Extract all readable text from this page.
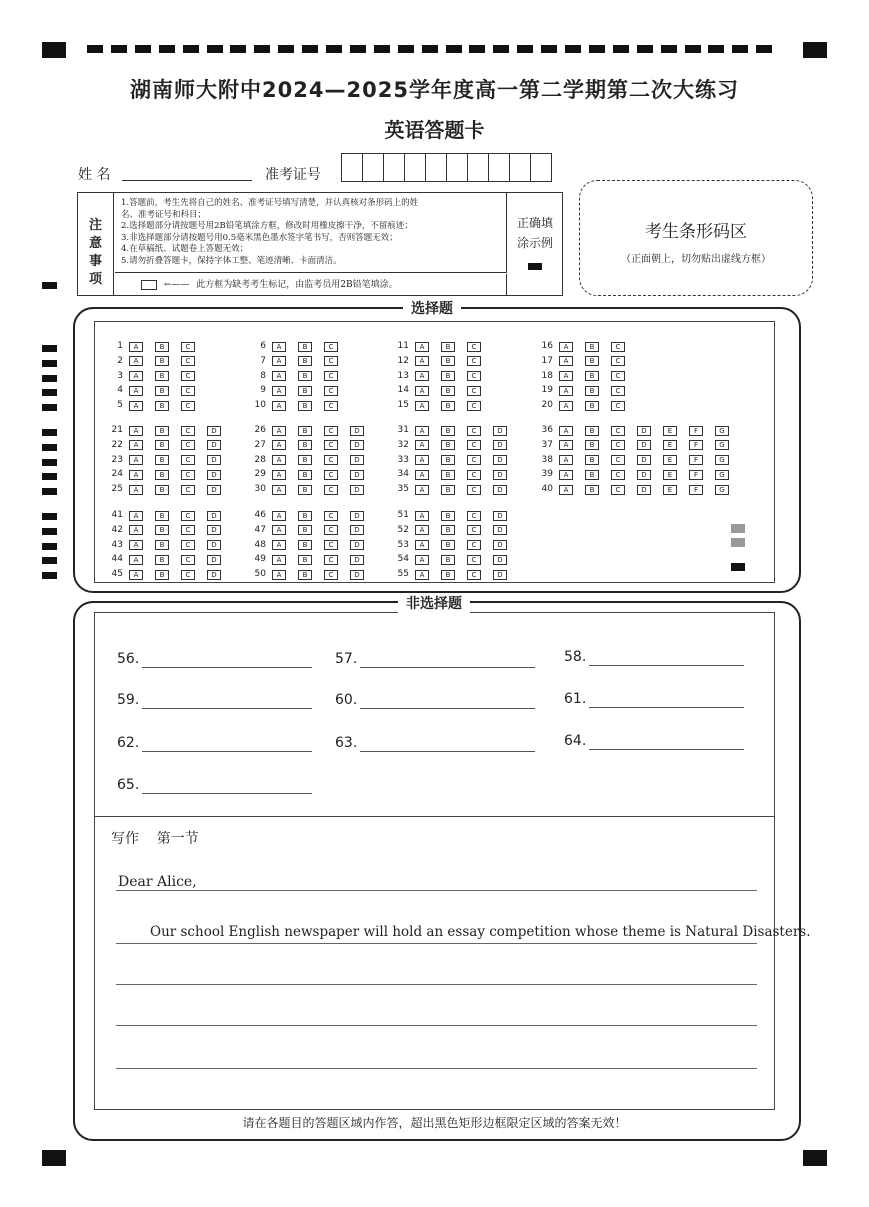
湖南师大附中2024—2025学年度高一第二学期第二次大练习
英语答题卡
姓 名	准考证号
注意事项
1.答题前，考生先将自己的姓名、准考证号填写清楚，并认真核对条形码上的姓
名、准考证号和科目；
2.选择题部分请按题号用2B铅笔填涂方框，修改时用橡皮擦干净，不留痕迹；
3.非选择题部分请按题号用0.5毫米黑色墨水签字笔书写，否则答题无效；
4.在草稿纸、试题卷上答题无效；
5.请勿折叠答题卡，保持字体工整、笔迹清晰、卡面清洁。
←—— 此方框为缺考考生标记，由监考员用2B铅笔填涂。
正确填涂示例
考生条形码区
（正面朝上，切勿贴出虚线方框）
选择题
1	A	B	C
2	A	B	C
3	A	B	C
4	A	B	C
5	A	B	C
6	A	B	C
7	A	B	C
8	A	B	C
9	A	B	C
10	A	B	C
11	A	B	C
12	A	B	C
13	A	B	C
14	A	B	C
15	A	B	C
16	A	B	C
17	A	B	C
18	A	B	C
19	A	B	C
20	A	B	C
21	A	B	C	D
22	A	B	C	D
23	A	B	C	D
24	A	B	C	D
25	A	B	C	D
26	A	B	C	D
27	A	B	C	D
28	A	B	C	D
29	A	B	C	D
30	A	B	C	D
31	A	B	C	D
32	A	B	C	D
33	A	B	C	D
34	A	B	C	D
35	A	B	C	D
36	A	B	C	D	E	F	G
37	A	B	C	D	E	F	G
38	A	B	C	D	E	F	G
39	A	B	C	D	E	F	G
40	A	B	C	D	E	F	G
41	A	B	C	D
42	A	B	C	D
43	A	B	C	D
44	A	B	C	D
45	A	B	C	D
46	A	B	C	D
47	A	B	C	D
48	A	B	C	D
49	A	B	C	D
50	A	B	C	D
51	A	B	C	D
52	A	B	C	D
53	A	B	C	D
54	A	B	C	D
55	A	B	C	D
非选择题
56.	57.	58.
59.	60.	61.
62.	63.	64.
65.
写作    第一节
Dear Alice,
Our school English newspaper will hold an essay competition whose theme is Natural Disasters.
请在各题目的答题区域内作答，超出黑色矩形边框限定区域的答案无效！
